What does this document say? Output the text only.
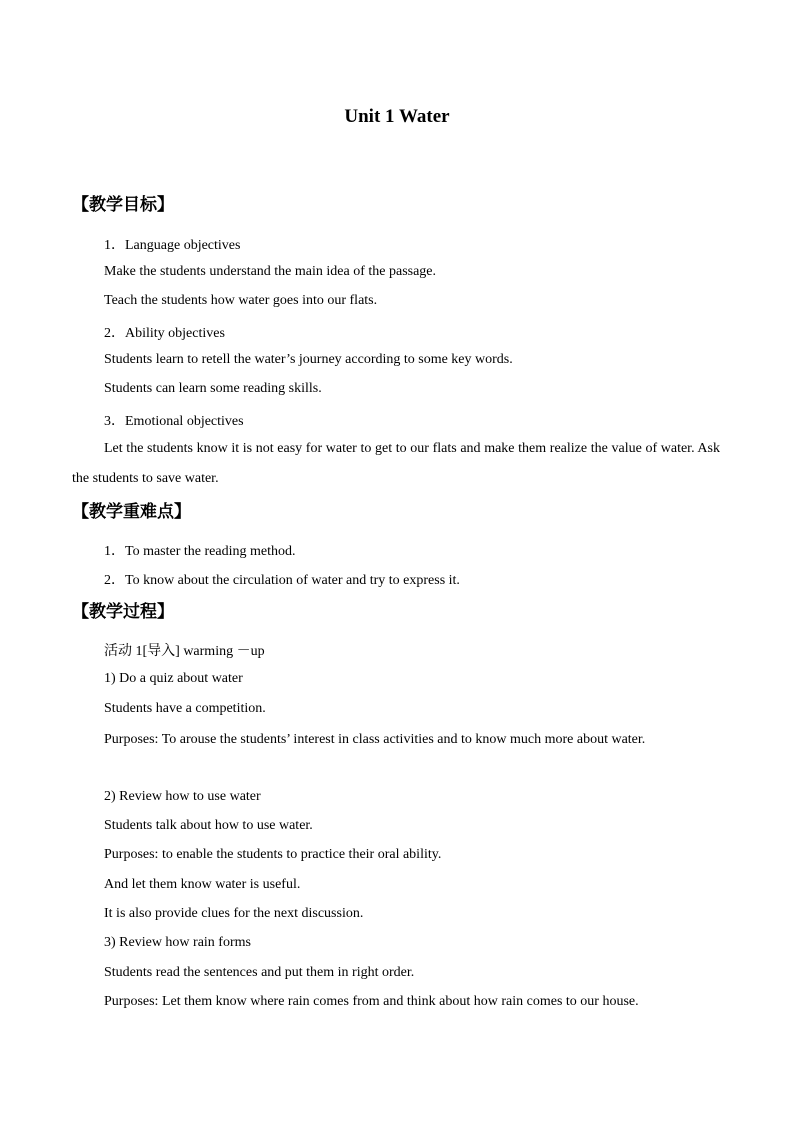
Unit 1 Water
【教学目标】
1．Language objectives
Make the students understand the main idea of the passage.
Teach the students how water goes into our flats.
2．Ability objectives
Students learn to retell the water’s journey according to some key words.
Students can learn some reading skills.
3．Emotional objectives
Let the students know it is not easy for water to get to our flats and make them realize the value of water. Ask the students to save water.
【教学重难点】
1．To master the reading method.
2．To know about the circulation of water and try to express it.
【教学过程】
活动 1[导入] warming －up
1) Do a quiz about water
Students have a competition.
Purposes: To arouse the students’ interest in class activities and to know much more about water.
2) Review how to use water
Students talk about how to use water.
Purposes: to enable the students to practice their oral ability.
And let them know water is useful.
It is also provide clues for the next discussion.
3) Review how rain forms
Students read the sentences and put them in right order.
Purposes: Let them know where rain comes from and think about how rain comes to our house.
